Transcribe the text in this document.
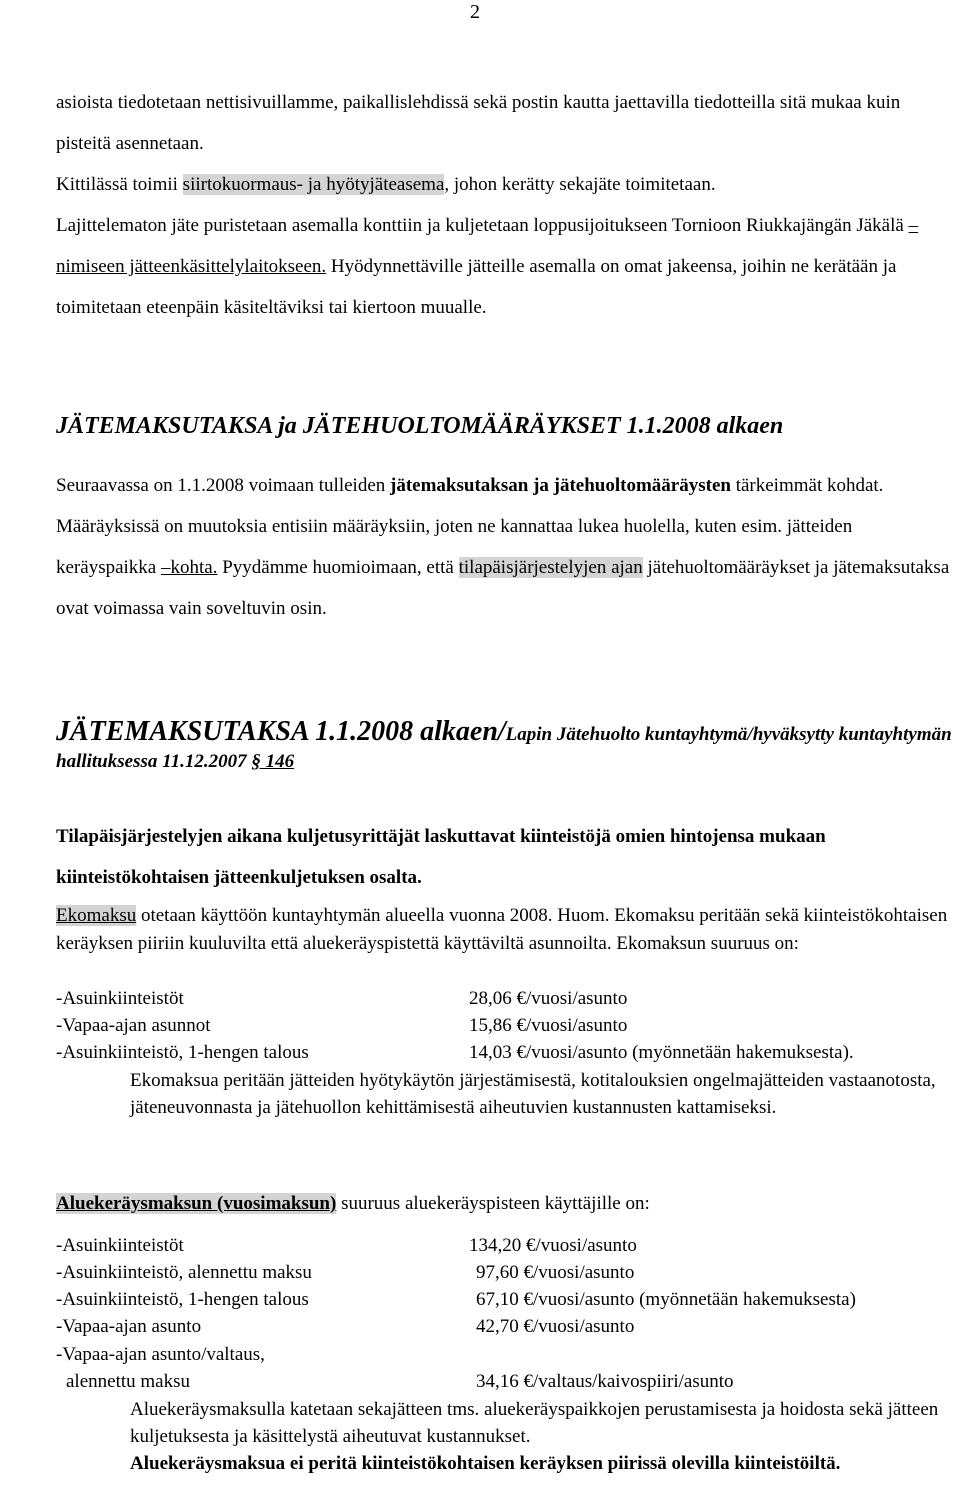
2

asioista tiedotetaan nettisivuillamme, paikallislehdissä sekä postin kautta jaettavilla tiedotteilla sitä mukaa kuin pisteitä asennetaan.
Kittilässä toimii siirtokuormaus- ja hyötyjäteasema, johon kerätty sekajäte toimitetaan.
Lajittelematon jäte puristetaan asemalla konttiin ja kuljetetaan loppusijoitukseen Tornioon Riukkajängän Jäkälä –nimiseen jätteenkäsittelylaitokseen. Hyödynnettäville jätteille asemalla on omat jakeensa, joihin ne kerätään ja toimitetaan eteenpäin käsiteltäviksi tai kiertoon muualle.

JÄTEMAKSUTAKSA ja JÄTEHUOLTOMÄÄRÄYKSET 1.1.2008 alkaen

Seuraavassa on 1.1.2008 voimaan tulleiden jätemaksutaksan ja jätehuoltomääräysten tärkeimmät kohdat. Määräyksissä on muutoksia entisiin määräyksiin, joten ne kannattaa lukea huolella, kuten esim. jätteiden keräyspaikka –kohta. Pyydämme huomioimaan, että tilapäisjärjestelyjen ajan jätehuoltomääräykset ja jätemaksutaksa ovat voimassa vain soveltuvin osin.

JÄTEMAKSUTAKSA 1.1.2008 alkaen/Lapin Jätehuolto kuntayhtymä/hyväksytty kuntayhtymän hallituksessa 11.12.2007 § 146

Tilapäisjärjestelyjen aikana kuljetusyrittäjät laskuttavat kiinteistöjä omien hintojensa mukaan kiinteistökohtaisen jätteenkuljetuksen osalta.

Ekomaksu otetaan käyttöön kuntayhtymän alueella vuonna 2008. Huom. Ekomaksu peritään sekä kiinteistökohtaisen keräyksen piiriin kuuluvilta että aluekeräyspistettä käyttäviltä asunnoilta. Ekomaksun suuruus on:

-Asuinkiinteistöt	28,06 €/vuosi/asunto
-Vapaa-ajan asunnot	15,86 €/vuosi/asunto
-Asuinkiinteistö, 1-hengen talous	14,03 €/vuosi/asunto (myönnetään hakemuksesta).

Ekomaksua peritään jätteiden hyötykäytön järjestämisestä, kotitalouksien ongelmajätteiden vastaanotosta, jäteneuvonnasta ja jätehuollon kehittämisestä aiheutuvien kustannusten kattamiseksi.

Aluekeräysmaksun (vuosimaksun) suuruus aluekeräyspisteen käyttäjille on:

-Asuinkiinteistöt	134,20 €/vuosi/asunto
-Asuinkiinteistö, alennettu maksu	97,60 €/vuosi/asunto
-Asuinkiinteistö, 1-hengen talous	67,10 €/vuosi/asunto (myönnetään hakemuksesta)
-Vapaa-ajan asunto	42,70 €/vuosi/asunto
-Vapaa-ajan asunto/valtaus,
alennettu maksu	34,16 €/valtaus/kaivospiiri/asunto

Aluekeräysmaksulla katetaan sekajätteen tms. aluekeräyspaikkojen perustamisesta ja hoidosta sekä jätteen kuljetuksesta ja käsittelystä aiheutuvat kustannukset.
Aluekeräysmaksua ei peritä kiinteistökohtaisen keräyksen piirissä olevilla kiinteistöiltä.
